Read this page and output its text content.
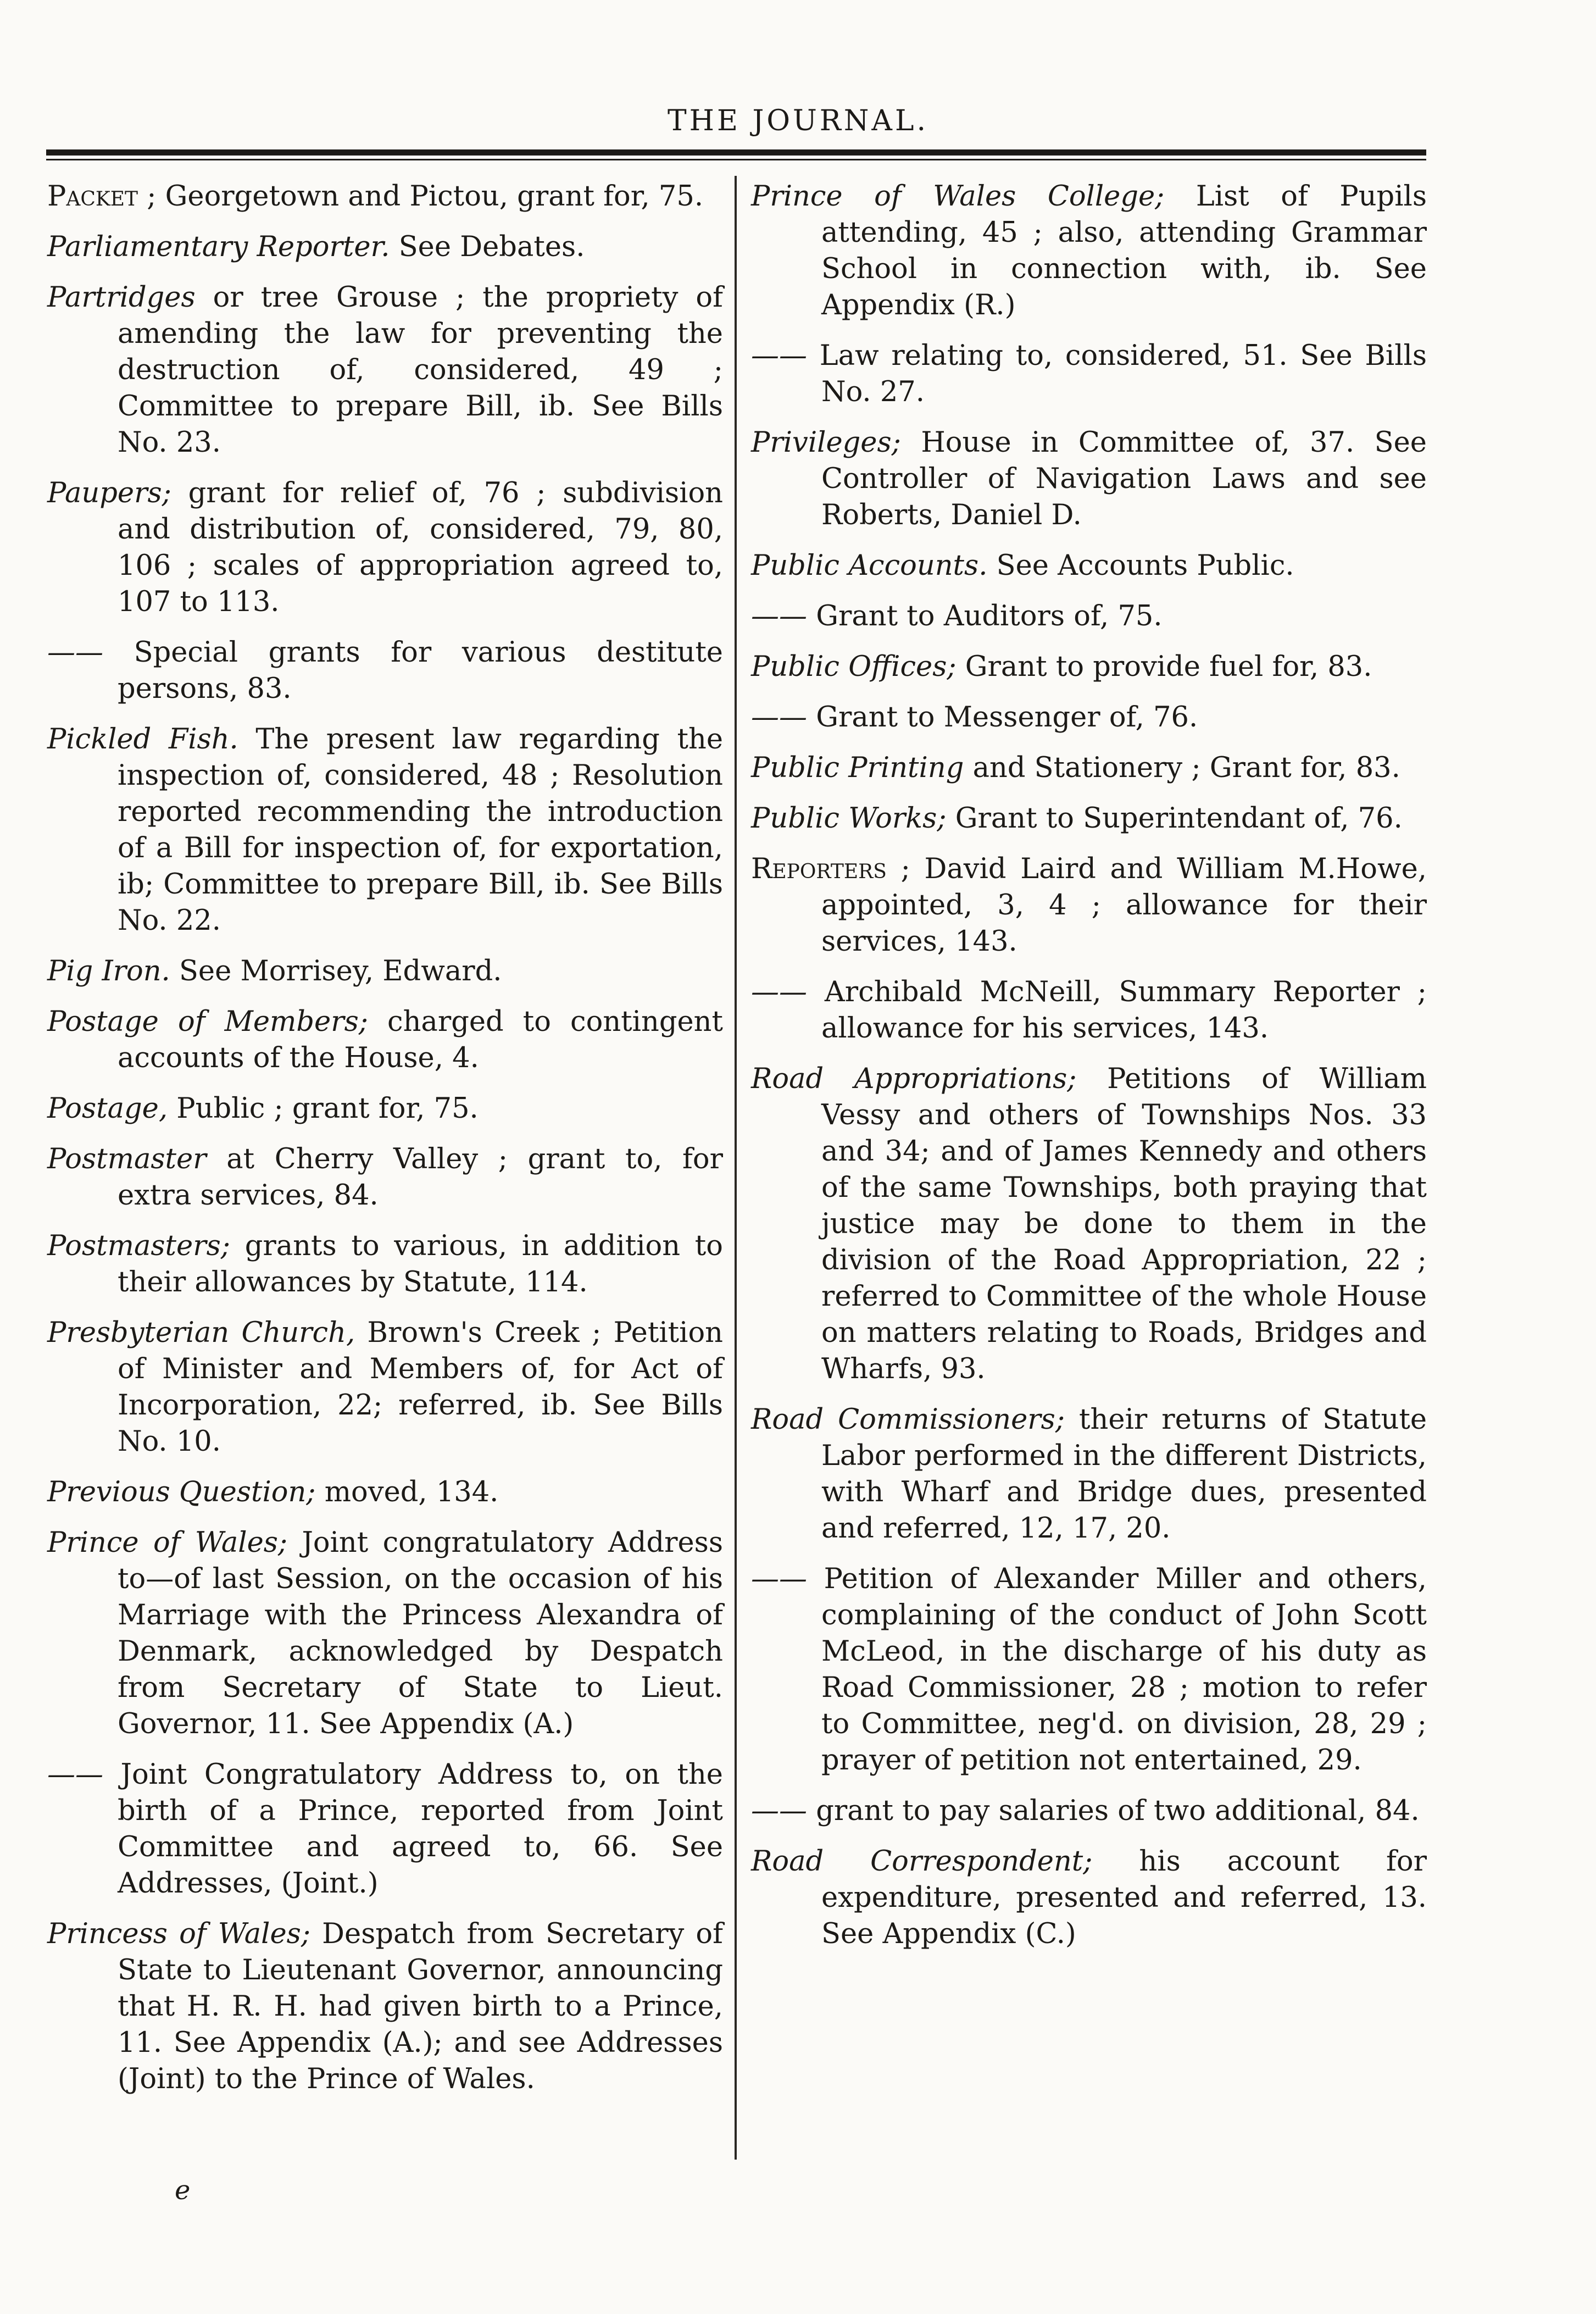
THE JOURNAL.

Packet ; Georgetown and Pictou, grant for, 75.

Parliamentary Reporter. See Debates.

Partridges or tree Grouse ; the propriety of amending the law for preventing the destruction of, considered, 49 ; Committee to prepare Bill, ib. See Bills No. 23.

Paupers; grant for relief of, 76 ; subdivision and distribution of, considered, 79, 80, 106 ; scales of appropriation agreed to, 107 to 113.

—— Special grants for various destitute persons, 83.

Pickled Fish. The present law regarding the inspection of, considered, 48 ; Resolution reported recommending the introduction of a Bill for inspection of, for exportation, ib; Committee to prepare Bill, ib. See Bills No. 22.

Pig Iron. See Morrisey, Edward.

Postage of Members; charged to contingent accounts of the House, 4.

Postage, Public ; grant for, 75.

Postmaster at Cherry Valley ; grant to, for extra services, 84.

Postmasters; grants to various, in addition to their allowances by Statute, 114.

Presbyterian Church, Brown's Creek ; Petition of Minister and Members of, for Act of Incorporation, 22; referred, ib. See Bills No. 10.

Previous Question; moved, 134.

Prince of Wales; Joint congratulatory Address to—of last Session, on the occasion of his Marriage with the Princess Alexandra of Denmark, acknowledged by Despatch from Secretary of State to Lieut. Governor, 11. See Appendix (A.)

—— Joint Congratulatory Address to, on the birth of a Prince, reported from Joint Committee and agreed to, 66. See Addresses, (Joint.)

Princess of Wales; Despatch from Secretary of State to Lieutenant Governor, announcing that H. R. H. had given birth to a Prince, 11. See Appendix (A.); and see Addresses (Joint) to the Prince of Wales.

Prince of Wales College; List of Pupils attending, 45 ; also, attending Grammar School in connection with, ib. See Appendix (R.)

—— Law relating to, considered, 51. See Bills No. 27.

Privileges; House in Committee of, 37. See Controller of Navigation Laws and see Roberts, Daniel D.

Public Accounts. See Accounts Public.

—— Grant to Auditors of, 75.

Public Offices; Grant to provide fuel for, 83.

—— Grant to Messenger of, 76.

Public Printing and Stationery ; Grant for, 83.

Public Works; Grant to Superintendant of, 76.

Reporters ; David Laird and William M.Howe, appointed, 3, 4 ; allowance for their services, 143.

—— Archibald McNeill, Summary Reporter ; allowance for his services, 143.

Road Appropriations; Petitions of William Vessy and others of Townships Nos. 33 and 34; and of James Kennedy and others of the same Townships, both praying that justice may be done to them in the division of the Road Appropriation, 22 ; referred to Committee of the whole House on matters relating to Roads, Bridges and Wharfs, 93.

Road Commissioners; their returns of Statute Labor performed in the different Districts, with Wharf and Bridge dues, presented and referred, 12, 17, 20.

—— Petition of Alexander Miller and others, complaining of the conduct of John Scott McLeod, in the discharge of his duty as Road Commissioner, 28 ; motion to refer to Committee, neg'd. on division, 28, 29 ; prayer of petition not entertained, 29.

—— grant to pay salaries of two additional, 84.

Road Correspondent; his account for expenditure, presented and referred, 13. See Appendix (C.)

e
